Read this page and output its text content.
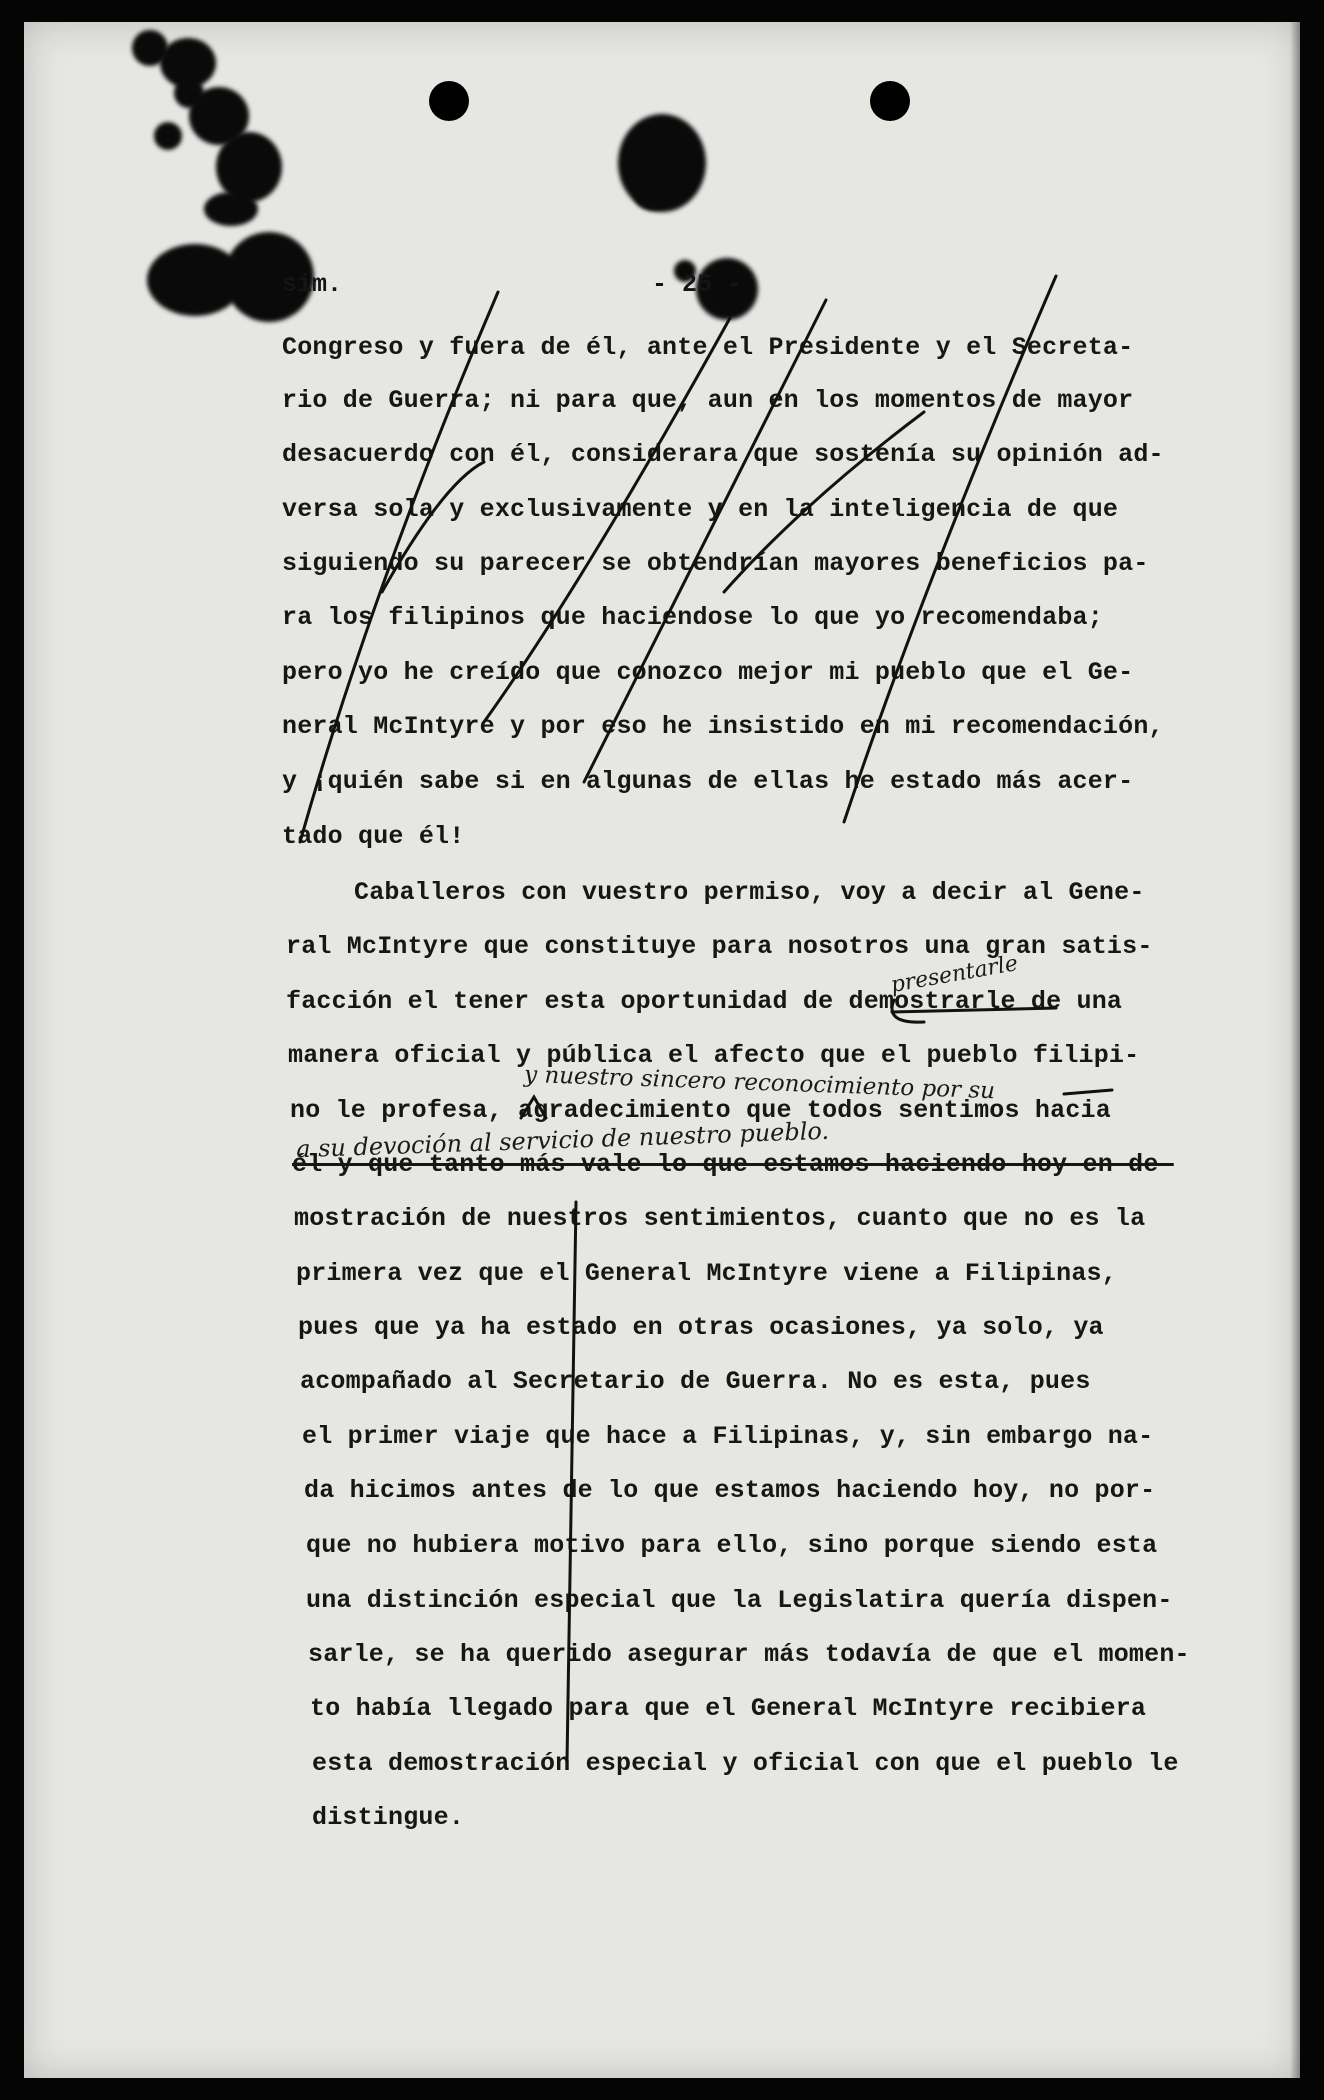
sim.	- 25 -
Congreso y fuera de él, ante el Presidente y el Secreta-
rio de Guerra; ni para que, aun en los momentos de mayor
desacuerdo con él, considerara que sostenía su opinión ad-
versa sola y exclusivamente y en la inteligencia de que
siguiendo su parecer se obtendrían mayores beneficios pa-
ra los filipinos que haciendose lo que yo recomendaba;
pero yo he creído que conozco mejor mi pueblo que el Ge-
neral McIntyre y por eso he insistido en mi recomendación,
y ¡quién sabe si en algunas de ellas he estado más acer-
tado que él!
Caballeros con vuestro permiso, voy a decir al Gene-
ral McIntyre que constituye para nosotros una gran satis-
facción el tener esta oportunidad de demostrarle de una
manera oficial y pública el afecto que el pueblo filipi-
no le profesa, agradecimiento que todos sentimos hacia
él y que tanto más vale lo que estamos haciendo hoy en de-
mostración de nuestros sentimientos, cuanto que no es la
primera vez que el General McIntyre viene a Filipinas,
pues que ya ha estado en otras ocasiones, ya solo, ya
acompañado al Secretario de Guerra. No es esta, pues
el primer viaje que hace a Filipinas, y, sin embargo na-
da hicimos antes de lo que estamos haciendo hoy, no por-
que no hubiera motivo para ello, sino porque siendo esta
una distinción especial que la Legislatira quería dispen-
sarle, se ha querido asegurar más todavía de que el momen-
to había llegado para que el General McIntyre recibiera
esta demostración especial y oficial con que el pueblo le
distingue.
presentarle
y nuestro sincero reconocimiento por su
a su devoción al servicio de nuestro pueblo.
